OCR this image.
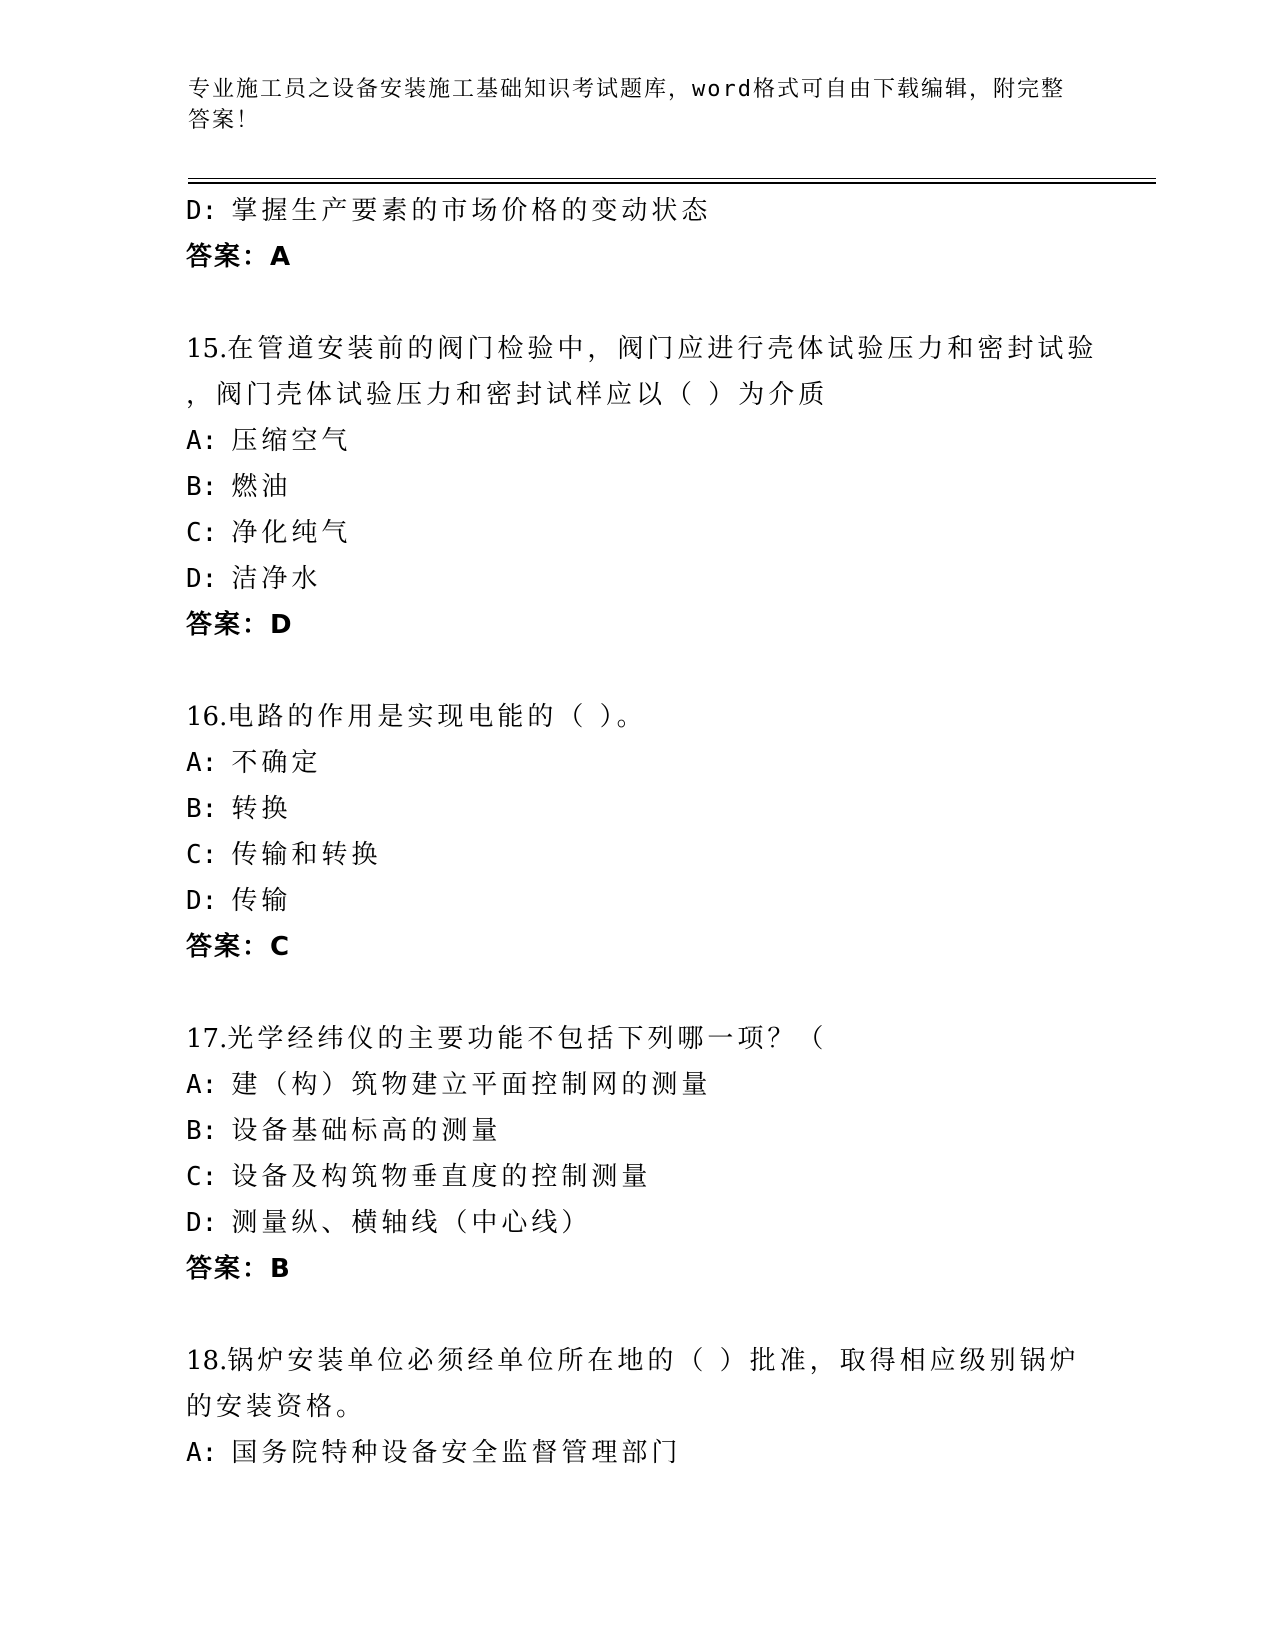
专业施工员之设备安装施工基础知识考试题库，word格式可自由下载编辑，附完整答案！
D: 掌握生产要素的市场价格的变动状态
答案：A
15.在管道安装前的阀门检验中，阀门应进行壳体试验压力和密封试验
，阀门壳体试验压力和密封试样应以（ ）为介质
A: 压缩空气
B: 燃油
C: 净化纯气
D: 洁净水
答案：D
16.电路的作用是实现电能的（ ）。
A: 不确定
B: 转换
C: 传输和转换
D: 传输
答案：C
17.光学经纬仪的主要功能不包括下列哪一项？（
A: 建（构）筑物建立平面控制网的测量
B: 设备基础标高的测量
C: 设备及构筑物垂直度的控制测量
D: 测量纵、横轴线（中心线）
答案：B
18.锅炉安装单位必须经单位所在地的（ ）批准，取得相应级别锅炉
的安装资格。
A: 国务院特种设备安全监督管理部门
